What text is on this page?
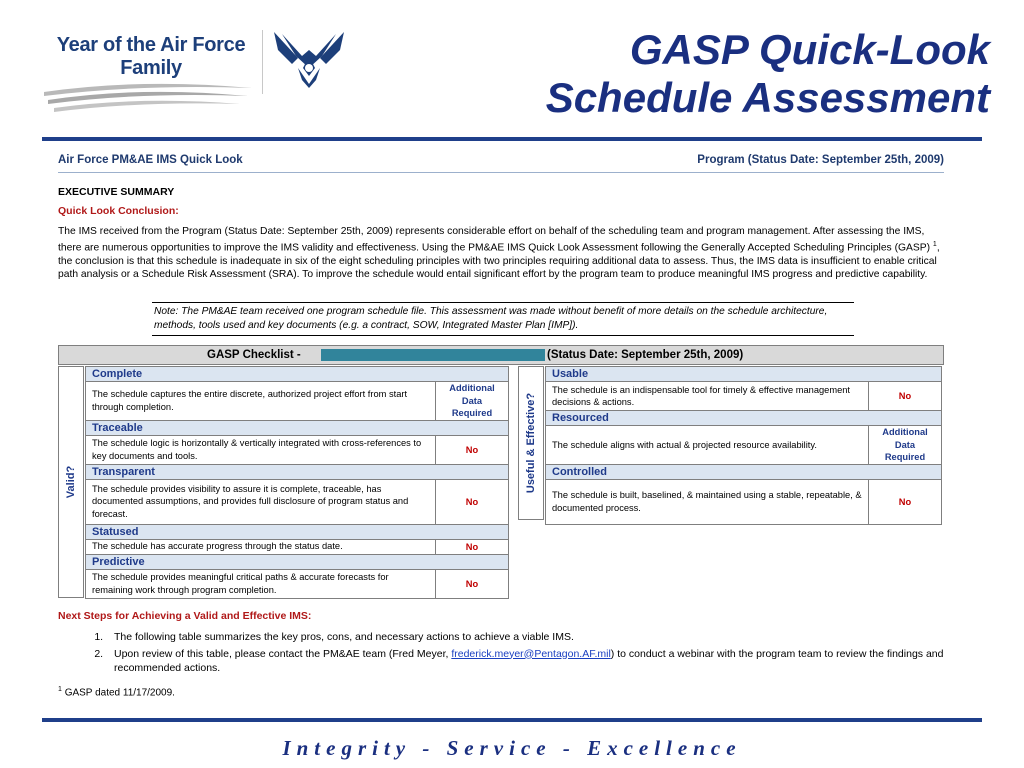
Year of the Air Force
Family	GASP Quick-Look
Schedule Assessment
Air Force PM&AE IMS Quick Look	Program (Status Date: September 25th, 2009)
EXECUTIVE SUMMARY
Quick Look Conclusion:
The IMS received from the Program (Status Date: September 25th, 2009) represents considerable effort on behalf of the scheduling team and program management. After assessing the IMS, there are numerous opportunities to improve the IMS validity and effectiveness. Using the PM&AE IMS Quick Look Assessment following the Generally Accepted Scheduling Principles (GASP) $^1$, the conclusion is that this schedule is inadequate in six of the eight scheduling principles with two principles requiring additional data to assess. Thus, the IMS data is insufficient to enable critical path analysis or a Schedule Risk Assessment (SRA). To improve the schedule would entail significant effort by the program team to produce meaningful IMS progress and predictive capability.
Note: The PM&AE team received one program schedule file. This assessment was made without benefit of more details on the schedule architecture, methods, tools used and key documents (e.g. a contract, SOW, Integrated Master Plan [IMP]).
GASP Checklist -	(Status Date: September 25th, 2009)
Valid?
Complete	
The schedule captures the entire discrete, authorized project effort from start through completion.	Additional Data Required
Traceable	
The schedule logic is horizontally & vertically integrated with cross-references to key documents and tools.	No
Transparent	
The schedule provides visibility to assure it is complete, traceable, has documented assumptions, and provides full disclosure of program status and forecast.	No
Statused	
The schedule has accurate progress through the status date.	No
Predictive	
The schedule provides meaningful critical paths & accurate forecasts for remaining work through program completion.	No
Useful & Effective?
Usable	
The schedule is an indispensable tool for timely & effective management decisions & actions.	No
Resourced	
The schedule aligns with actual & projected resource availability.	Additional Data Required
Controlled	
The schedule is built, baselined, & maintained using a stable, repeatable, & documented process.	No
Next Steps for Achieving a Valid and Effective IMS:
1. The following table summarizes the key pros, cons, and necessary actions to achieve a viable IMS.
2. Upon review of this table, please contact the PM&AE team (Fred Meyer, frederick.meyer@Pentagon.AF.mil) to conduct a webinar with the program team to review the findings and recommended actions.
$^1$ GASP dated 11/17/2009.
Integrity - Service - Excellence
